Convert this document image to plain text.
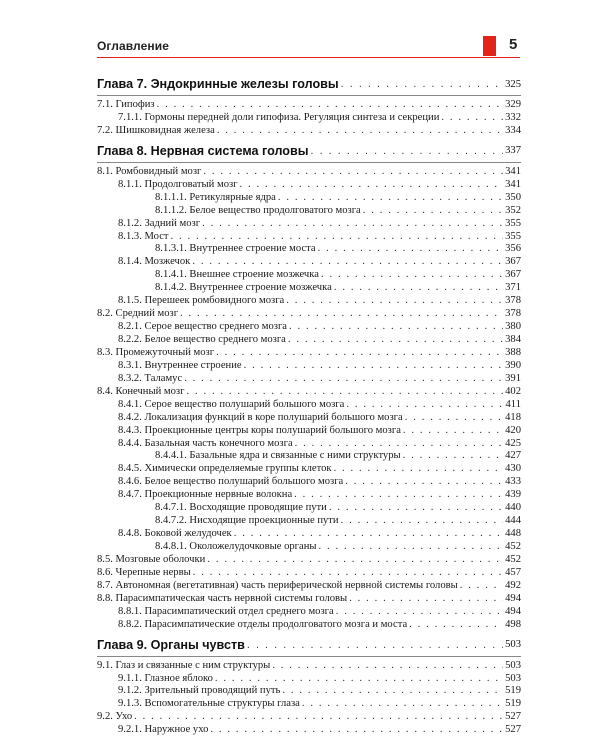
Оглавление	5
Глава 7. Эндокринные железы головы . . .	325
7.1. Гипофиз . . .	329
7.1.1. Гормоны передней доли гипофиза. Регуляция синтеза и секреции . . .	332
7.2. Шишковидная железа . . .	334
Глава 8. Нервная система головы . . .	337
8.1. Ромбовидный мозг . . .	341
8.1.1. Продолговатый мозг . . .	341
8.1.1.1. Ретикулярные ядра . . .	350
8.1.1.2. Белое вещество продолговатого мозга . . .	352
8.1.2. Задний мозг . . .	355
8.1.3. Мост . . .	355
8.1.3.1. Внутреннее строение моста . . .	356
8.1.4. Мозжечок . . .	367
8.1.4.1. Внешнее строение мозжечка . . .	367
8.1.4.2. Внутреннее строение мозжечка . . .	371
8.1.5. Перешеек ромбовидного мозга . . .	378
8.2. Средний мозг . . .	378
8.2.1. Серое вещество среднего мозга . . .	380
8.2.2. Белое вещество среднего мозга . . .	384
8.3. Промежуточный мозг . . .	388
8.3.1. Внутреннее строение . . .	390
8.3.2. Таламус . . .	391
8.4. Конечный мозг . . .	402
8.4.1. Серое вещество полушарий большого мозга . . .	411
8.4.2. Локализация функций в коре полушарий большого мозга . . .	418
8.4.3. Проекционные центры коры полушарий большого мозга . . .	420
8.4.4. Базальная часть конечного мозга . . .	425
8.4.4.1. Базальные ядра и связанные с ними структуры . . .	427
8.4.5. Химически определяемые группы клеток . . .	430
8.4.6. Белое вещество полушарий большого мозга . . .	433
8.4.7. Проекционные нервные волокна . . .	439
8.4.7.1. Восходящие проводящие пути . . .	440
8.4.7.2. Нисходящие проекционные пути . . .	444
8.4.8. Боковой желудочек . . .	448
8.4.8.1. Околожелудочковые органы . . .	452
8.5. Мозговые оболочки . . .	452
8.6. Черепные нервы . . .	457
8.7. Автономная (вегетативная) часть периферической нервной системы головы . . .	492
8.8. Парасимпатическая часть нервной системы головы . . .	494
8.8.1. Парасимпатический отдел среднего мозга . . .	494
8.8.2. Парасимпатические отделы продолговатого мозга и моста . . .	498
Глава 9. Органы чувств . . .	503
9.1. Глаз и связанные с ним структуры . . .	503
9.1.1. Глазное яблоко . . .	503
9.1.2. Зрительный проводящий путь . . .	519
9.1.3. Вспомогательные структуры глаза . . .	519
9.2. Ухо . . .	527
9.2.1. Наружное ухо . . .	527
